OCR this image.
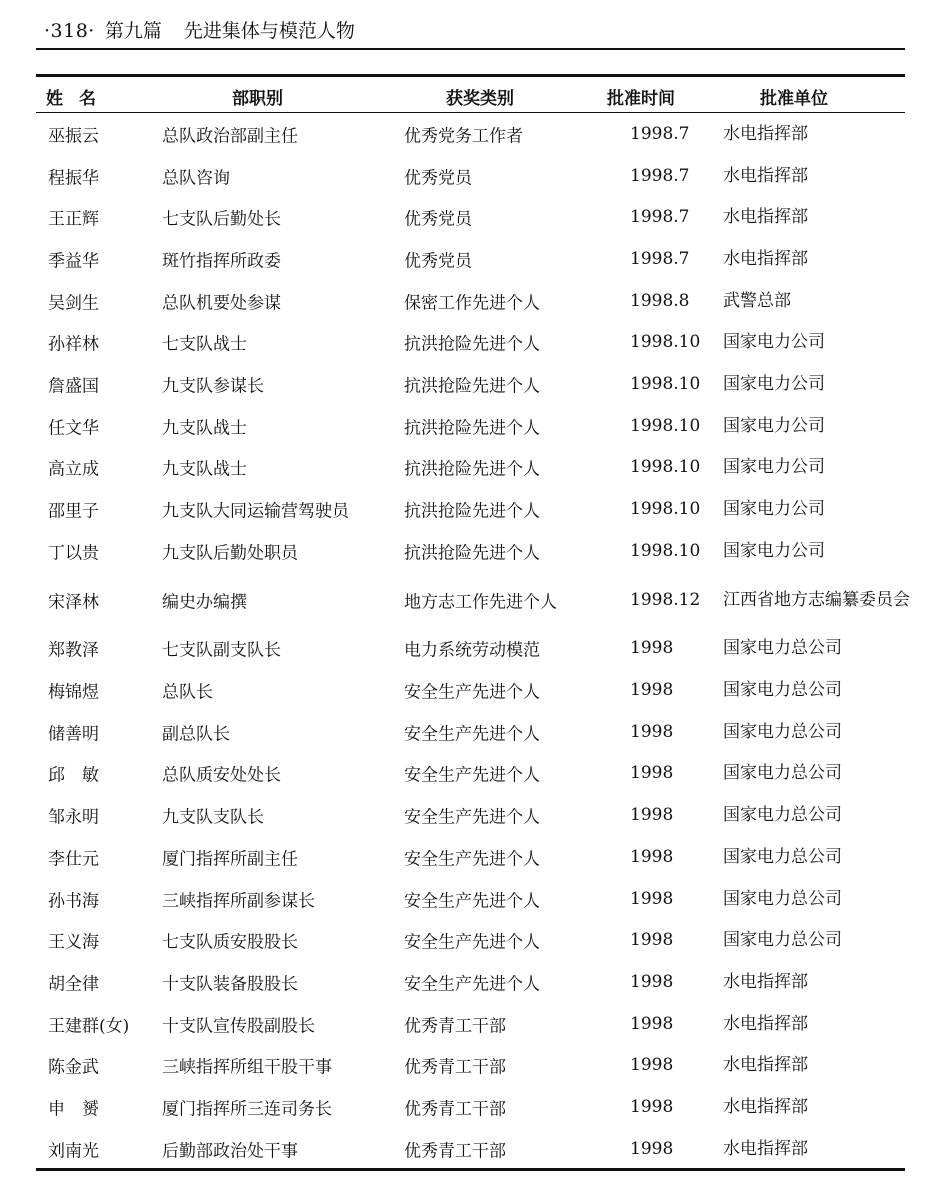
·318· 第九篇 先进集体与模范人物
姓名	部职别	获奖类别	批准时间	批准单位
巫振云	总队政治部副主任	优秀党务工作者	1998.7 水电指挥部
程振华	总队咨询	优秀党员	1998.7 水电指挥部
王正辉	七支队后勤处长	优秀党员	1998.7 水电指挥部
季益华	斑竹指挥所政委	优秀党员	1998.7 水电指挥部
吴剑生	总队机要处参谋	保密工作先进个人	1998.8 武警总部
孙祥林	七支队战士	抗洪抢险先进个人	1998.10 国家电力公司
詹盛国	九支队参谋长	抗洪抢险先进个人	1998.10 国家电力公司
任文华	九支队战士	抗洪抢险先进个人	1998.10 国家电力公司
高立成	九支队战士	抗洪抢险先进个人	1998.10 国家电力公司
邵里子	九支队大同运输营驾驶员	抗洪抢险先进个人	1998.10 国家电力公司
丁以贵	九支队后勤处职员	抗洪抢险先进个人	1998.10 国家电力公司
宋泽林	编史办编撰	地方志工作先进个人	1998.12 江西省地方志编纂委员会
郑教泽	七支队副支队长	电力系统劳动模范	1998	国家电力总公司
梅锦煜	总队长	安全生产先进个人	1998	国家电力总公司
储善明	副总队长	安全生产先进个人	1998	国家电力总公司
邱　敏	总队质安处处长	安全生产先进个人	1998	国家电力总公司
邹永明	九支队支队长	安全生产先进个人	1998	国家电力总公司
李仕元	厦门指挥所副主任	安全生产先进个人	1998	国家电力总公司
孙书海	三峡指挥所副参谋长	安全生产先进个人	1998	国家电力总公司
王义海	七支队质安股股长	安全生产先进个人	1998	国家电力总公司
胡全律	十支队装备股股长	安全生产先进个人	1998	水电指挥部
王建群(女) 十支队宣传股副股长	优秀青工干部	1998	水电指挥部
陈金武	三峡指挥所组干股干事	优秀青工干部	1998	水电指挥部
申　赟	厦门指挥所三连司务长	优秀青工干部	1998	水电指挥部
刘南光	后勤部政治处干事	优秀青工干部	1998	水电指挥部
